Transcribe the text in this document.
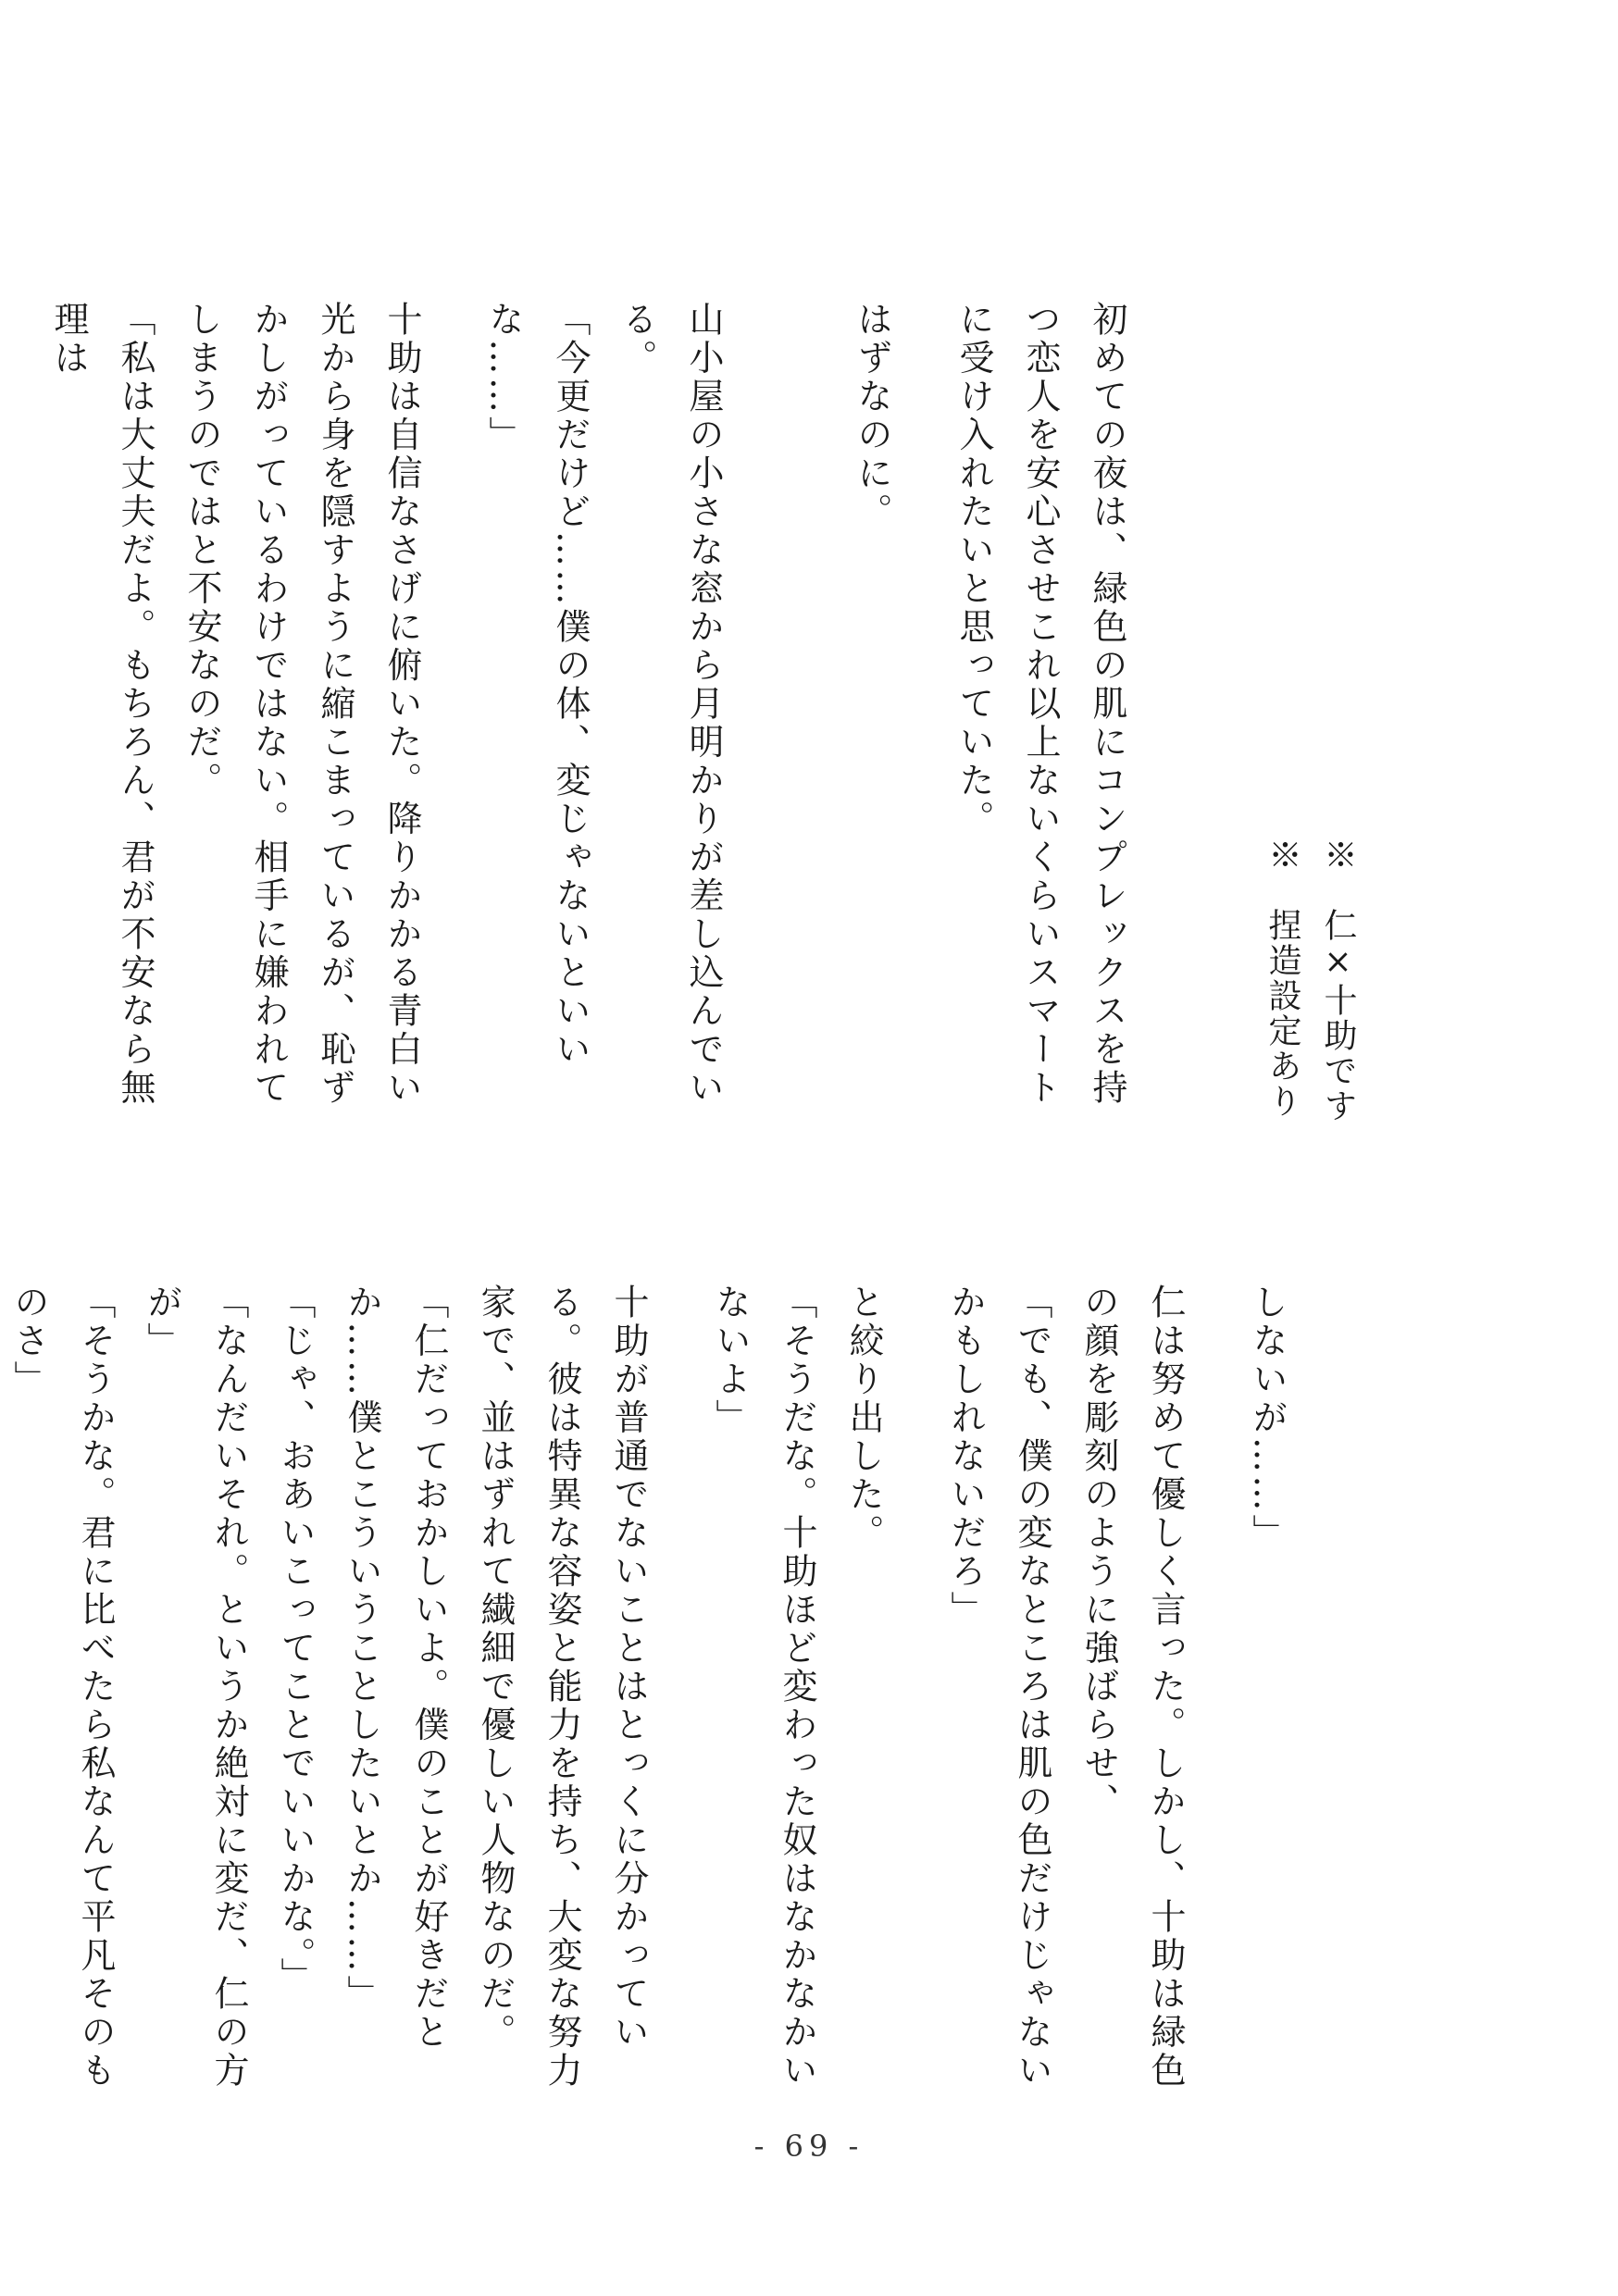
※　仁×十助です
※　捏造設定あり

初めての夜は、緑色の肌にコンプレックスを持つ恋人を安心させこれ以上ないくらいスマートに受け入れたいと思っていた。

はずなのに。

山小屋の小さな窓から月明かりが差し込んでいる。

「今更だけど……僕の体、変じゃないといいな……」

十助は自信なさげに俯いた。降りかかる青白い光から身を隠すように縮こまっているが、恥ずかしがっているわけではない。相手に嫌われてしまうのではと不安なのだ。

「私は大丈夫だよ。もちろん、君が不安なら無理は

しないが……」

仁は努めて優しく言った。しかし、十助は緑色の顔を彫刻のように強ばらせ、

「でも、僕の変なところは肌の色だけじゃないかもしれないだろ」

と絞り出した。

「そうだな。十助ほど変わった奴はなかなかいないよ」

十助が普通でないことはとっくに分かっている。彼は特異な容姿と能力を持ち、大変な努力家で、並はずれて繊細で優しい人物なのだ。

「仁だっておかしいよ。僕のことが好きだとか……僕とこういうことしたいとか……」

「じゃ、おあいこってことでいいかな。」

「なんだいそれ。というか絶対に変だ、仁の方が」

「そうかな。君に比べたら私なんて平凡そのものさ」

- 69 -
